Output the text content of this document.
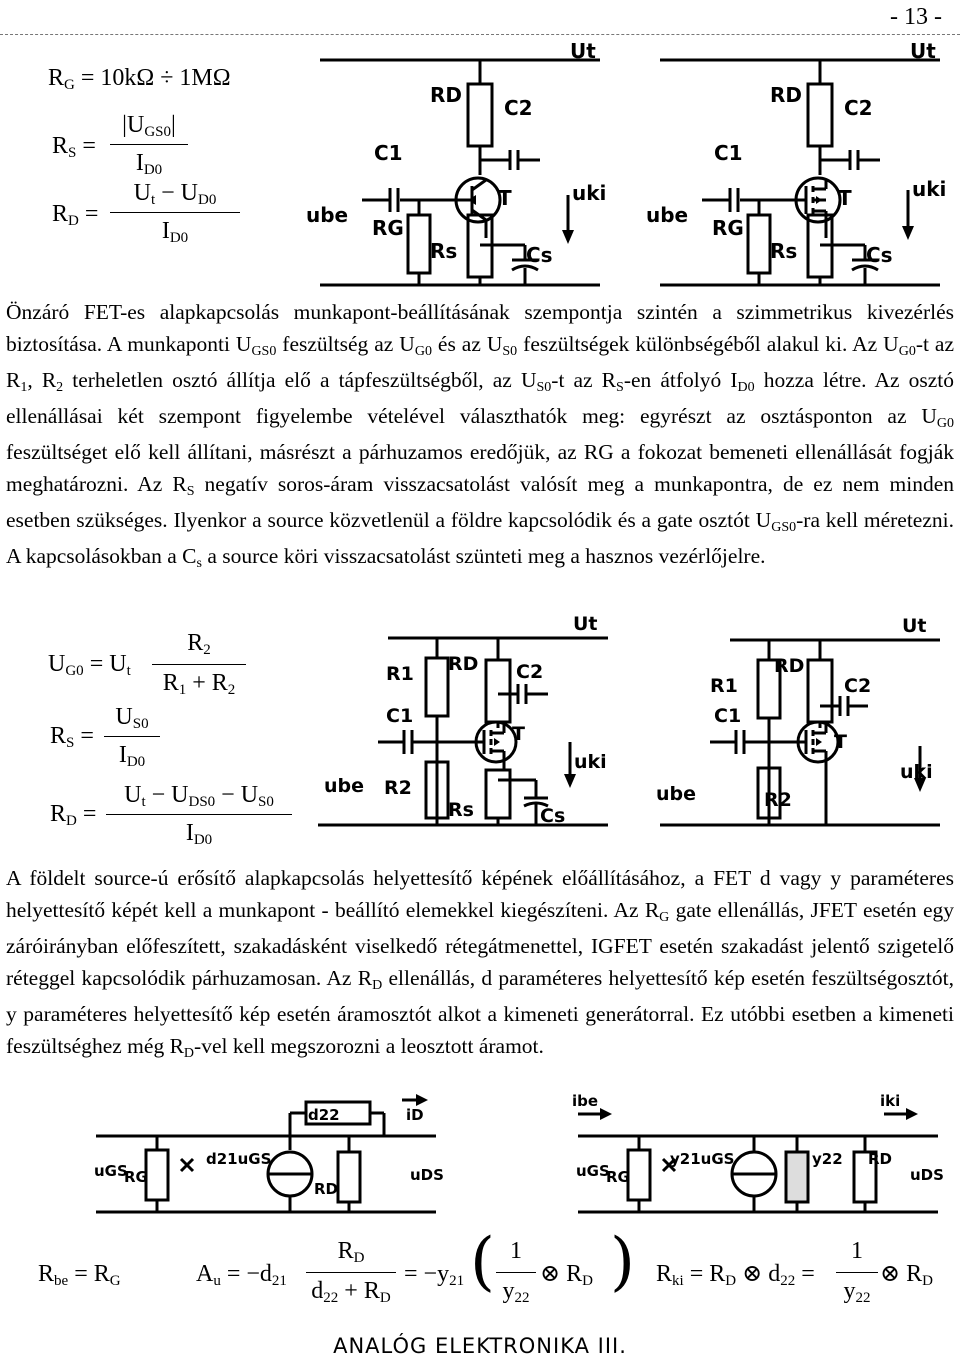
- 13 -
RG = 10kΩ ÷ 1MΩ
RS =
|UGS0|
ID0
RD =
Ut − UD0
ID0
Ut
RD
C2
C1
T
RG
Rs	Cs
ube
uki
Ut
RD
C2
C1
T
RG
Rs	Cs
ube
uki
Önzáró FET-es alapkapcsolás munkapont-beállításának szempontja szintén a szimmetrikus kivezérlés biztosítása. A munkaponti UGS0 feszültség az UG0 és az US0 feszültségek különbségéből alakul ki. Az UG0-t az R1, R2 terheletlen osztó állítja elő a tápfeszültségből, az US0-t az RS-en átfolyó ID0 hozza létre. Az osztó ellenállásai két szempont figyelembe vételével választhatók meg: egyrészt az osztásponton az UG0 feszültséget elő kell állítani, másrészt a párhuzamos eredőjük, az RG a fokozat bemeneti ellenállását fogják meghatározni. Az RS negatív soros-áram visszacsatolást valósít meg a munkapontra, de ez nem minden esetben szükséges. Ilyenkor a source közvetlenül a földre kapcsolódik és a gate osztót UGS0-ra kell méretezni. A kapcsolásokban a Cs a source köri visszacsatolást szünteti meg a hasznos vezérlőjelre.
UG0 = Ut
R2
R1 + R2
RS =
US0
ID0
RD =
Ut − UDS0 − US0
ID0
Ut
R1 RD C2
C1
T
R2
Rs	Cs
ube
uki
Ut
R1
RD
C2
C1
T
R2
ube
uki
A földelt source-ú erősítő alapkapcsolás helyettesítő képének előállításához, a FET d vagy y paraméteres helyettesítő képét kell a munkapont - beállító elemekkel kiegészíteni. Az RG gate ellenállás, JFET esetén egy záróirányban előfeszített, szakadásként viselkedő rétegátmenettel, IGFET esetén szakadást jelentő szigetelő réteggel kapcsolódik párhuzamosan. Az RD ellenállás, d paraméteres helyettesítő kép esetén feszültségosztót, y paraméteres helyettesítő kép esetén áramosztót alkot a kimeneti generátorral. Ez utóbbi esetben a kimeneti feszültséghez még RD-vel kell megszorozni a leosztott áramot.
uGS
RG
d22	iD
d21uGS
RD
uDS
ibe	iki
uGS
RG
y21uGS	y22 RD
uDS
Rbe = RG	Au = −d21
RD
d22 + RD
= −y21 ( 1
y22
⊗ RD ) Rki = RD ⊗ d22 =
1
y22
⊗ RD
ANALÓG ELEKTRONIKA III.
